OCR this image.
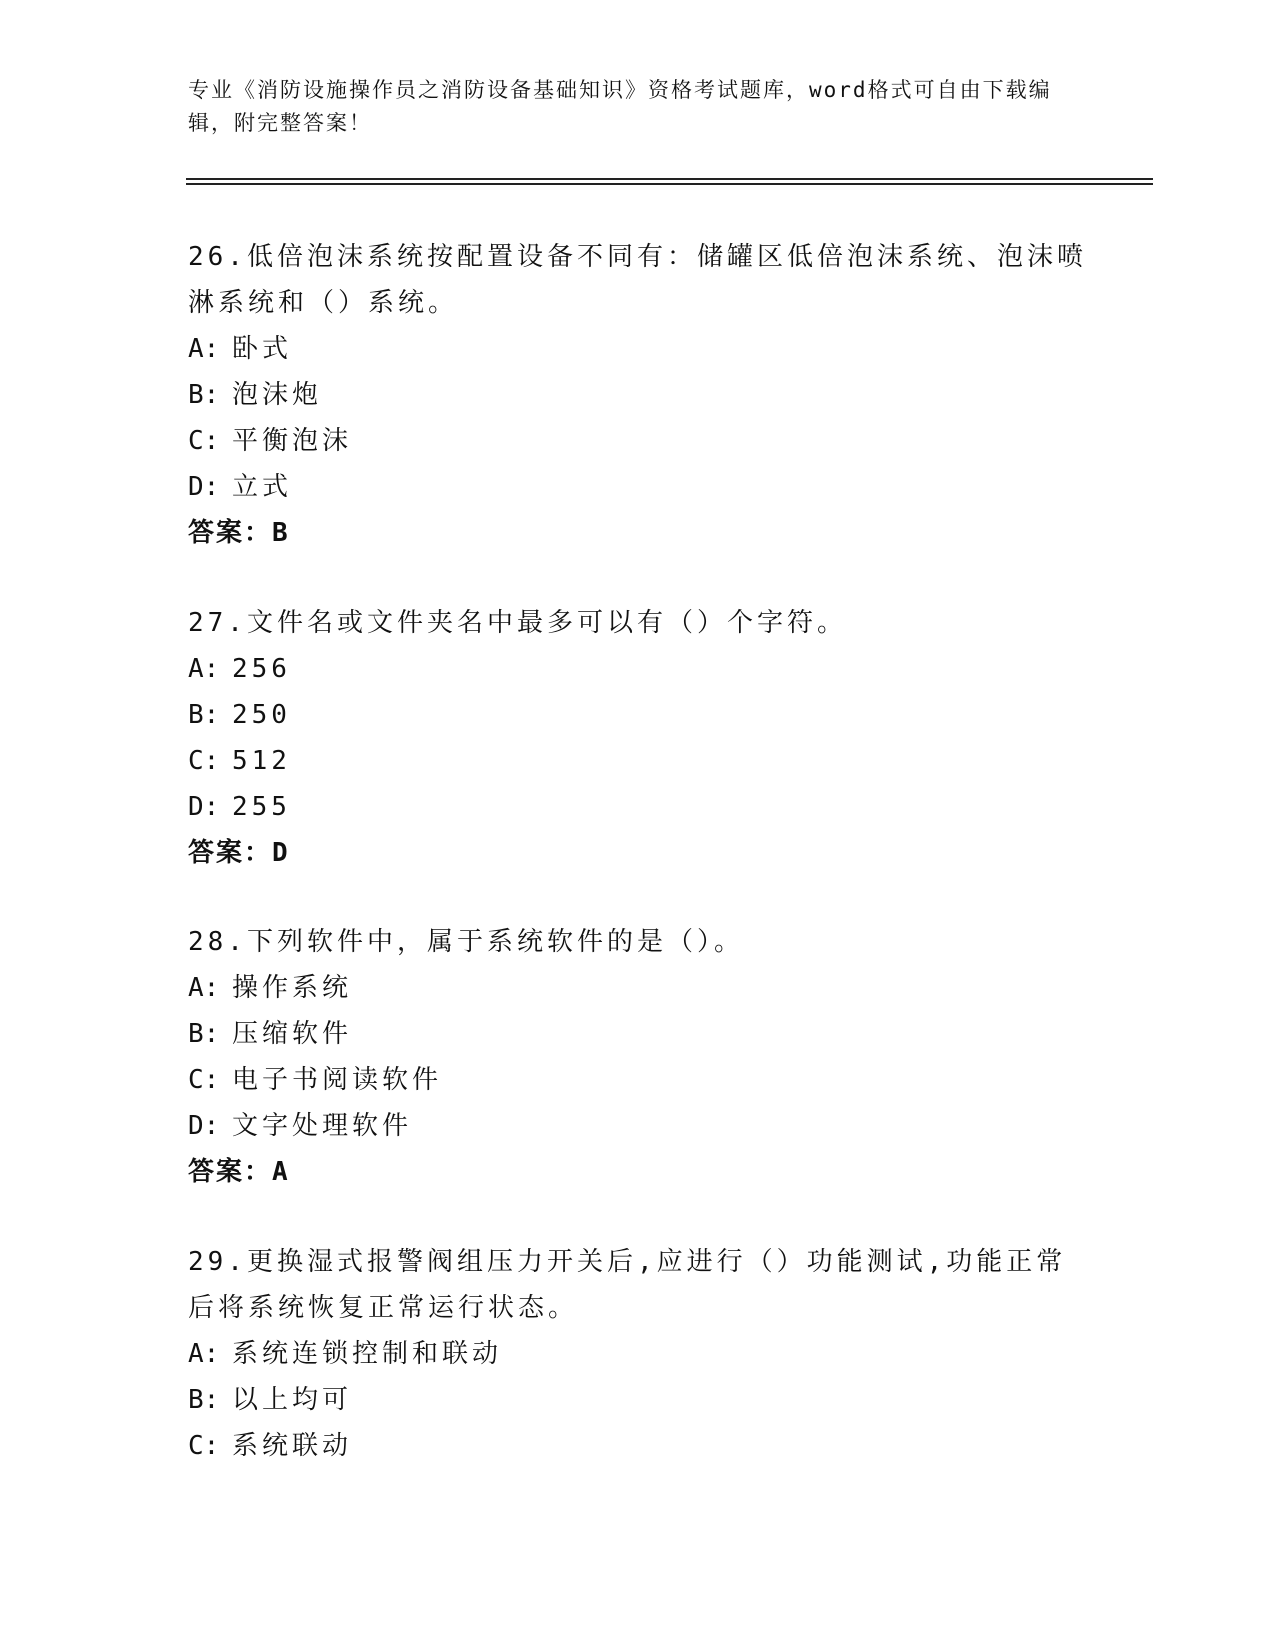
专业《消防设施操作员之消防设备基础知识》资格考试题库，word格式可自由下载编辑，附完整答案！

26.低倍泡沫系统按配置设备不同有：储罐区低倍泡沫系统、泡沫喷淋系统和（）系统。

A: 卧式
B: 泡沫炮
C: 平衡泡沫
D: 立式
答案：B

27.文件名或文件夹名中最多可以有（）个字符。

A: 256
B: 250
C: 512
D: 255
答案：D

28.下列软件中，属于系统软件的是（）。

A: 操作系统
B: 压缩软件
C: 电子书阅读软件
D: 文字处理软件
答案：A

29.更换湿式报警阀组压力开关后,应进行（）功能测试,功能正常后将系统恢复正常运行状态。

A: 系统连锁控制和联动
B: 以上均可
C: 系统联动
